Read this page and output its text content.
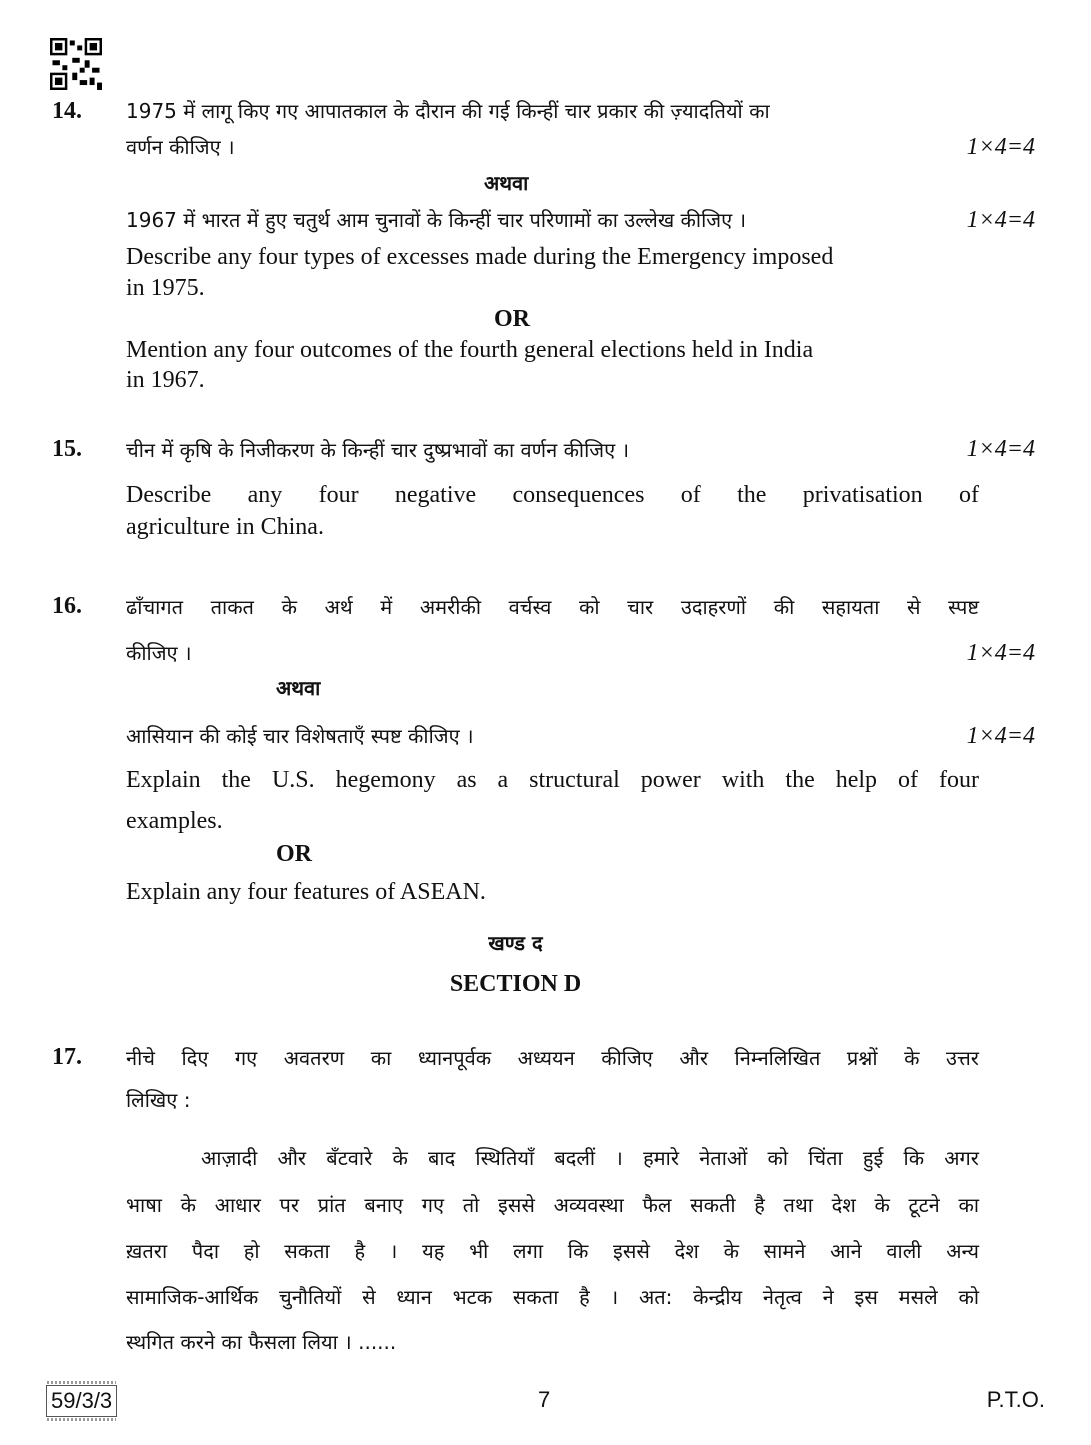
14. 1975 में लागू किए गए आपातकाल के दौरान की गई किन्हीं चार प्रकार की ज़्यादतियों का
वर्णन कीजिए ।	1×4=4
अथवा
1967 में भारत में हुए चतुर्थ आम चुनावों के किन्हीं चार परिणामों का उल्लेख कीजिए ।	1×4=4
Describe any four types of excesses made during the Emergency imposed
in 1975.
OR
Mention any four outcomes of the fourth general elections held in India
in 1967.
15. चीन में कृषि के निजीकरण के किन्हीं चार दुष्प्रभावों का वर्णन कीजिए ।	1×4=4
Describe any four negative consequences of the privatisation of
agriculture in China.
16. ढाँचागत ताकत के अर्थ में अमरीकी वर्चस्व को चार उदाहरणों की सहायता से स्पष्ट
कीजिए ।	1×4=4
अथवा
आसियान की कोई चार विशेषताएँ स्पष्ट कीजिए ।	1×4=4
Explain the U.S. hegemony as a structural power with the help of four
examples.
OR
Explain any four features of ASEAN.
खण्ड द
SECTION D
17. नीचे दिए गए अवतरण का ध्यानपूर्वक अध्ययन कीजिए और निम्नलिखित प्रश्नों के उत्तर
लिखिए :
आज़ादी और बँटवारे के बाद स्थितियाँ बदलीं । हमारे नेताओं को चिंता हुई कि अगर
भाषा के आधार पर प्रांत बनाए गए तो इससे अव्यवस्था फैल सकती है तथा देश के टूटने का
ख़तरा पैदा हो सकता है । यह भी लगा कि इससे देश के सामने आने वाली अन्य
सामाजिक-आर्थिक चुनौतियों से ध्यान भटक सकता है । अत: केन्द्रीय नेतृत्व ने इस मसले को
स्थगित करने का फैसला लिया । ......
59/3/3	7	P.T.O.
